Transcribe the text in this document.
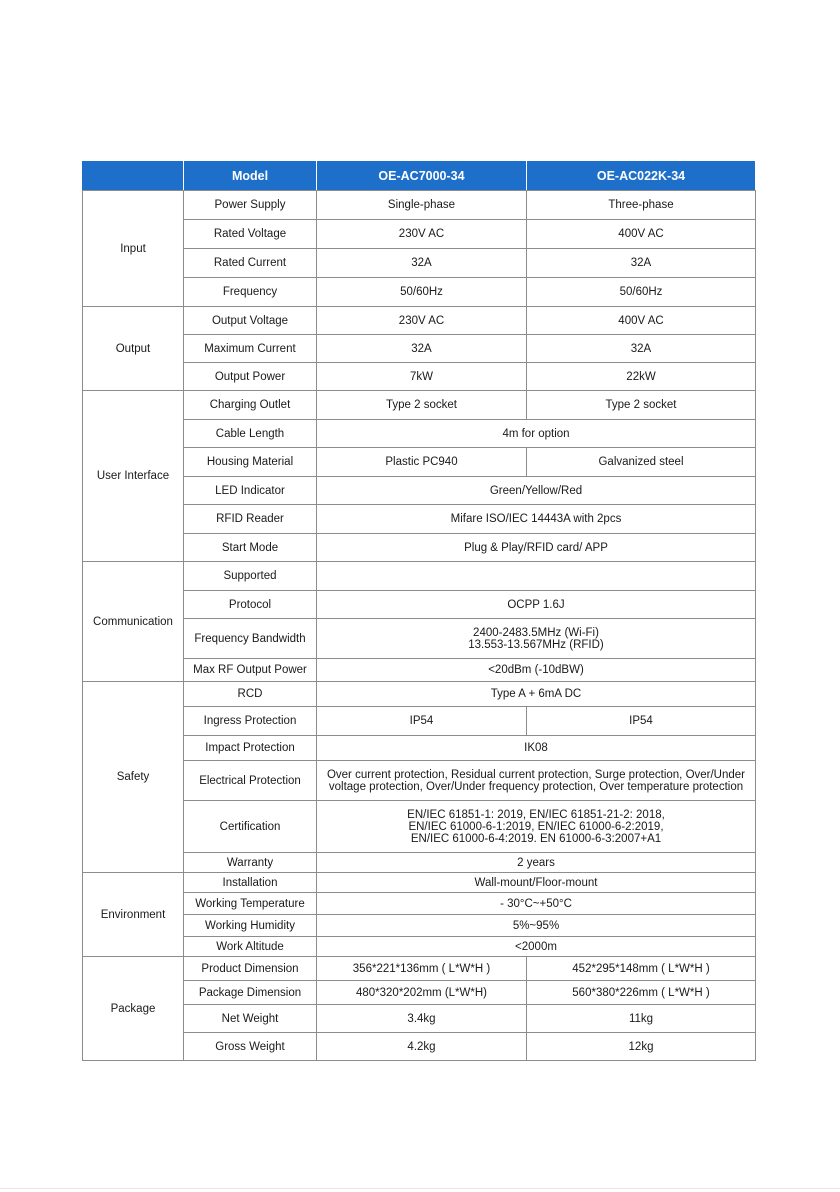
	Model	OE-AC7000-34	OE-AC022K-34
Input	Power Supply	Single-phase	Three-phase
	Rated Voltage	230V AC	400V AC
	Rated Current	32A	32A
	Frequency	50/60Hz	50/60Hz
Output	Output Voltage	230V AC	400V AC
	Maximum Current	32A	32A
	Output Power	7kW	22kW
User Interface	Charging Outlet	Type 2 socket	Type 2 socket
	Cable Length	4m for option	
	Housing Material	Plastic PC940	Galvanized steel
	LED Indicator	Green/Yellow/Red	
	RFID Reader	Mifare ISO/IEC 14443A with 2pcs	
	Start Mode	Plug & Play/RFID card/ APP	
Communication	Supported		
	Protocol	OCPP 1.6J	
	Frequency Bandwidth	2400-2483.5MHz (Wi-Fi)
13.553-13.567MHz (RFID)	
	Max RF Output Power	<20dBm (-10dBW)	
Safety	RCD	Type A + 6mA DC	
	Ingress Protection	IP54	IP54
	Impact Protection	IK08	
	Electrical Protection	Over current protection, Residual current protection, Surge protection, Over/Under
voltage protection, Over/Under frequency protection, Over temperature protection	
	Certification	EN/IEC 61851-1: 2019, EN/IEC 61851-21-2: 2018,
EN/IEC 61000-6-1:2019, EN/IEC 61000-6-2:2019,
EN/IEC 61000-6-4:2019. EN 61000-6-3:2007+A1	
	Warranty	2 years	
Environment	Installation	Wall-mount/Floor-mount	
	Working Temperature	- 30°C~+50°C	
	Working Humidity	5%~95%	
	Work Altitude	<2000m	
Package	Product Dimension	356*221*136mm ( L*W*H )	452*295*148mm ( L*W*H )
	Package Dimension	480*320*202mm (L*W*H)	560*380*226mm ( L*W*H )
	Net Weight	3.4kg	11kg
	Gross Weight	4.2kg	12kg
